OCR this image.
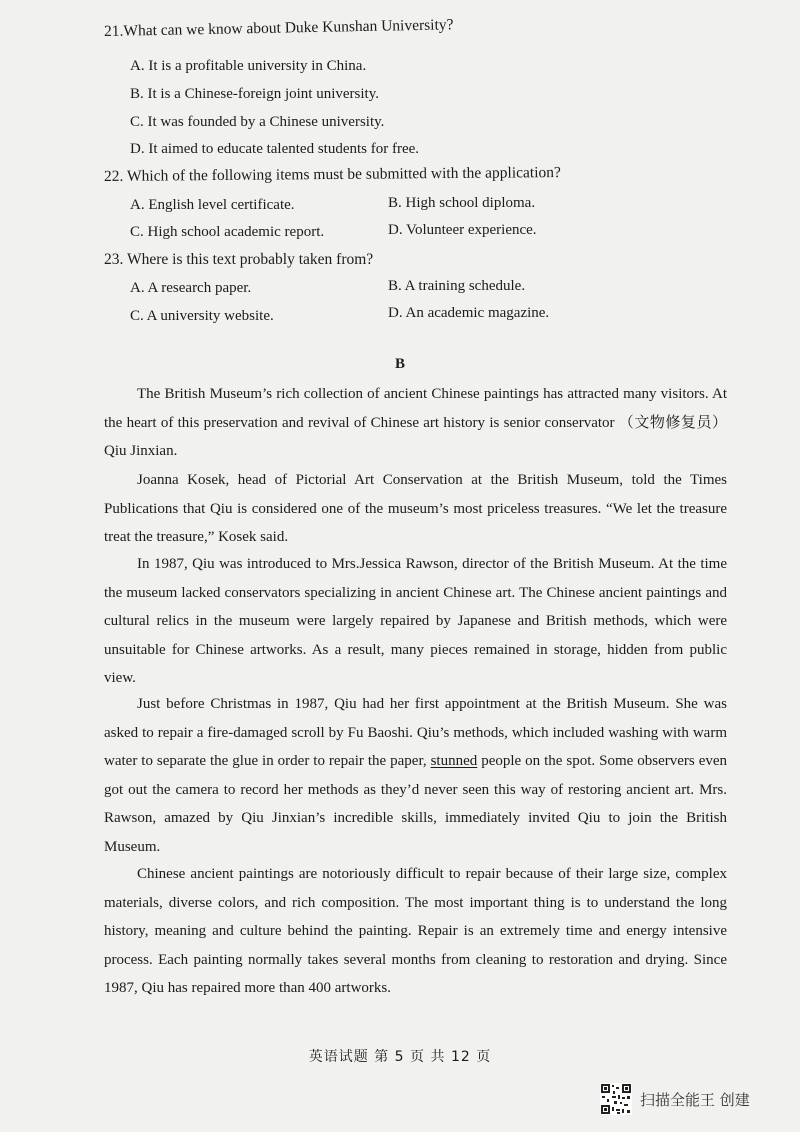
21.What can we know about Duke Kunshan University?
A. It is a profitable university in China.
B. It is a Chinese-foreign joint university.
C. It was founded by a Chinese university.
D. It aimed to educate talented students for free.
22. Which of the following items must be submitted with the application?
A. English level certificate.	B. High school diploma.
C. High school academic report.	D. Volunteer experience.
23. Where is this text probably taken from?
A. A research paper.	B. A training schedule.
C. A university website.	D. An academic magazine.
B
The British Museum’s rich collection of ancient Chinese paintings has attracted many visitors. At the heart of this preservation and revival of Chinese art history is senior conservator （文物修复员）Qiu Jinxian.
Joanna Kosek, head of Pictorial Art Conservation at the British Museum, told the Times Publications that Qiu is considered one of the museum’s most priceless treasures. “We let the treasure treat the treasure,” Kosek said.
In 1987, Qiu was introduced to Mrs.Jessica Rawson, director of the British Museum. At the time the museum lacked conservators specializing in ancient Chinese art. The Chinese ancient paintings and cultural relics in the museum were largely repaired by Japanese and British methods, which were unsuitable for Chinese artworks. As a result, many pieces remained in storage, hidden from public view.
Just before Christmas in 1987, Qiu had her first appointment at the British Museum. She was asked to repair a fire-damaged scroll by Fu Baoshi. Qiu’s methods, which included washing with warm water to separate the glue in order to repair the paper, stunned people on the spot. Some observers even got out the camera to record her methods as they’d never seen this way of restoring ancient art. Mrs. Rawson, amazed by Qiu Jinxian’s incredible skills, immediately invited Qiu to join the British Museum.
Chinese ancient paintings are notoriously difficult to repair because of their large size, complex materials, diverse colors, and rich composition. The most important thing is to understand the long history, meaning and culture behind the painting. Repair is an extremely time and energy intensive process. Each painting normally takes several months from cleaning to restoration and drying. Since 1987, Qiu has repaired more than 400 artworks.
英语试题 第 5 页 共 12 页
扫描全能王 创建
